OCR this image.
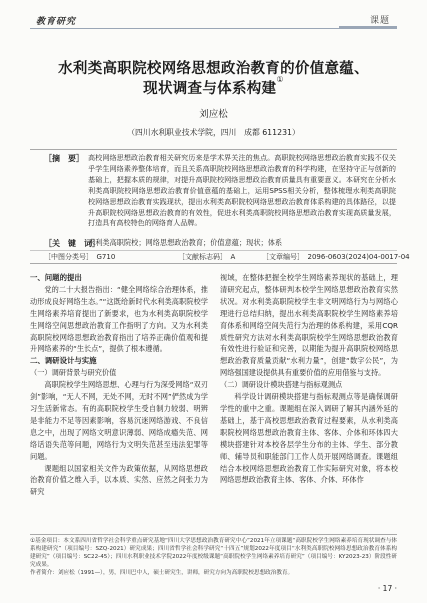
教育研究	课题
水利类高职院校网络思想政治教育的价值意蕴、
现状调查与体系构建①
刘应松
（四川水利职业技术学院，四川　成都 611231）
［摘　要］ 高校网络思想政治教育相关研究历来是学术界关注的焦点。高职院校网络思想政治教育实践不仅关乎学生网络素养整体培育，而且关系高职院校网络思想政治教育的科学构建，在坚持守正与创新的基础上，把握本质的规律，对提升高职院校网络思想政治教育质量具有重要意义。本研究在分析水利类高职院校网络思想政治教育价值意蕴的基础上，运用SPSS相关分析，整体梳理水利类高职院校网络思想政治教育实践现状，提出水利类高职院校网络思想政治教育体系构建的具体路径，以提升高职院校网络思想政治教育的有效性，促进水利类高职院校网络思想政治教育实现高质量发展，打造具有高校特色的网络育人品牌。
［关　键　词］
水利类高职院校；网络思想政治教育；价值意蕴；现状；体系
［中图分类号］　G710	［文献标志码］　A	［文章编号］　2096-0603(2024)04-0017-04
一、问题的提出

党的二十大报告指出：“健全网络综合治理体系，推动形成良好网络生态。”“这既给新时代水利类高职院校学生网络素养培育提出了新要求，也为水利类高职院校学生网络空间思想政治教育工作指明了方向。又为水利类高职院校网络思想政治教育指出了培养正确价值观和提升网络素养的“生长点”，提供了根本遵循。

二、调研设计与实施
（一）调研背景与研究价值

高职院校学生网络思想、心理与行为深受网络“双刃剑”影响，“无人不网，无处不网，无时不网”俨然成为学习生活新常态。有的高职院校学生受自制力较弱、明辨是非能力不足等因素影响，容易沉迷网络游戏、不良信息之中，出现了网络文明意识薄弱、网络成瘾失范、网络话语失范等问题，网络行为文明失范甚至违法犯罪等问题。

课题组以国家相关文件为政策依据，从网络思想政治教育价值之维入手，以本质、实然、应然之间张力为研究

视域，在整体把握全校学生网络素养现状的基础上，理清研究起点，整体研判本校学生网络思想政治教育实然状况。对水利类高职院校学生非文明网络行为与网络心理进行总结归纳，提出水利类高职院校学生网络素养培育体系和网络空间失范行为治理的体系构建，采用CQR质性研究方法对水利类高职院校学生网络思想政治教育有效性进行验证和完善，以期能为提升高职院校网络思想政治教育质量贡献“水利力量”，创建“数字公民”，为网络强国建设提供具有重要价值的应用借鉴与支持。

（二）调研设计模块搭建与指标观测点

科学设计调研模块搭建与指标观测点等是确保调研学性的重中之重。课题组在深入调研了解其内涵外延的基础上，基于高校思想政治教育过程要素，从水利类高职院校网络思想政治教育主体、客体、介体和环体四大模块搭建针对本校各层学生分布的主体、学生、部分教师、辅导员和职能部门工作人员开展网络调查。课题组结合本校网络思想政治教育工作实际研究对象，将本校网络思想政治教育主体、客体、介体、环体作

①基金项目：本文系四川省哲学社会科学重点研究基地“四川大学思想政治教育研究中心”2021年立项课题“高职院校学生网络素养培育现状调查与体系构建研究”（项目编号：SZQ-2021）研究成果；四川省哲学社会科学研究“十四五”规划2022年度项目“水利类高职院校网络思想政治教育体系构建研究”（项目编号：SC22-45）；四川水利职业技术学院2022年度校级课题“高职院校学生网络素养培育研究”（项目编号：KY2023-23）阶段性研究成果。
作者简介：刘应松（1991—），男，四川巴中人，硕士研究生，讲师，研究方向为高职院校思想政治教育。
· 17 ·
